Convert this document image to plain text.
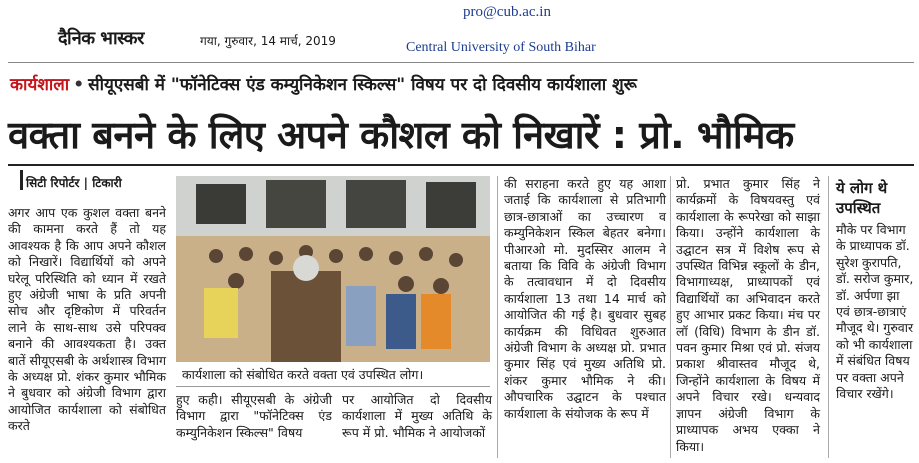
दैनिक भास्कर	गया, गुरुवार, 14 मार्च, 2019
pro@cub.ac.in
Central University of South Bihar
कार्यशाला • सीयूएसबी में "फॉनेटिक्स एंड कम्युनिकेशन स्किल्स" विषय पर दो दिवसीय कार्यशाला शुरू
वक्ता बनने के लिए अपने कौशल को निखारें : प्रो. भौमिक
सिटी रिपोर्टर | टिकारी
अगर आप एक कुशल वक्ता बनने की कामना करते हैं तो यह आवश्यक है कि आप अपने कौशल को निखारें। विद्यार्थियों को अपने घरेलू परिस्थिति को ध्यान में रखते हुए अंग्रेजी भाषा के प्रति अपनी सोच और दृष्टिकोण में परिवर्तन लाने के साथ-साथ उसे परिपक्व बनाने की आवश्यकता है। उक्त बातें सीयूएसबी के अर्थशास्त्र विभाग के अध्यक्ष प्रो. शंकर कुमार भौमिक ने बुधवार को अंग्रेजी विभाग द्वारा आयोजित कार्यशाला को संबोधित करते
कार्यशाला को संबोधित करते वक्ता एवं उपस्थित लोग।
हुए कही। सीयूएसबी के अंग्रेजी विभाग द्वारा "फॉनेटिक्स एंड कम्युनिकेशन स्किल्स" विषय
पर आयोजित दो दिवसीय कार्यशाला में मुख्य अतिथि के रूप में प्रो. भौमिक ने आयोजकों
की सराहना करते हुए यह आशा जताई कि कार्यशाला से प्रतिभागी छात्र-छात्राओं का उच्चारण व कम्युनिकेशन स्किल बेहतर बनेगा। पीआरओ मो. मुदस्सिर आलम ने बताया कि विवि के अंग्रेजी विभाग के तत्वावधान में दो दिवसीय कार्यशाला 13 तथा 14 मार्च को आयोजित की गई है। बुधवार सुबह कार्यक्रम की विधिवत शुरुआत अंग्रेजी विभाग के अध्यक्ष प्रो. प्रभात कुमार सिंह एवं मुख्य अतिथि प्रो. शंकर कुमार भौमिक ने की। औपचारिक उद्घाटन के पश्चात कार्यशाला के संयोजक के रूप में
प्रो. प्रभात कुमार सिंह ने कार्यक्रमों के विषयवस्तु एवं कार्यशाला के रूपरेखा को साझा किया। उन्होंने कार्यशाला के उद्घाटन सत्र में विशेष रूप से उपस्थित विभिन्न स्कूलों के डीन, विभागाध्यक्ष, प्राध्यापकों एवं विद्यार्थियों का अभिवादन करते हुए आभार प्रकट किया। मंच पर लॉ (विधि) विभाग के डीन डॉ. पवन कुमार मिश्रा एवं प्रो. संजय प्रकाश श्रीवास्तव मौजूद थे, जिन्होंने कार्यशाला के विषय में अपने विचार रखे। धन्यवाद ज्ञापन अंग्रेजी विभाग के प्राध्यापक अभय एक्का ने किया।
ये लोग थे उपस्थित
मौके पर विभाग के प्राध्यापक डॉ. सुरेश कुरापति, डॉ. सरोज कुमार, डॉ. अर्पणा झा एवं छात्र-छात्राएं मौजूद थे। गुरुवार को भी कार्यशाला में संबंधित विषय पर वक्ता अपने विचार रखेंगे।
